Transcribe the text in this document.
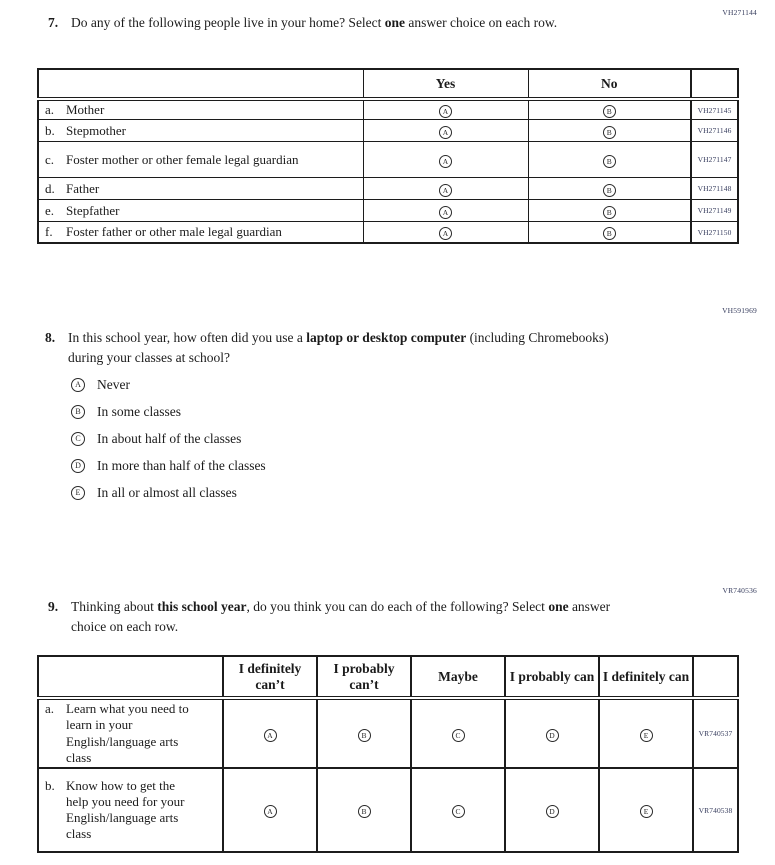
VH271144
7. Do any of the following people live in your home? Select one answer choice on each row.
	Yes	No	

a. Mother	A	B	VH271145

b. Stepmother	A	B	VH271146

c. Foster mother or other female legal guardian	A	B	VH271147

d. Father	A	B	VH271148

e. Stepfather	A	B	VH271149

f. Foster father or other male legal guardian	A	B	VH271150
VH591969
8. In this school year, how often did you use a laptop or desktop computer (including Chromebooks) during your classes at school?
A Never
B In some classes
C In about half of the classes
D In more than half of the classes
E In all or almost all classes
VR740536
9. Thinking about this school year, do you think you can do each of the following? Select one answer choice on each row.
	I definitely can’t	I probably can’t	Maybe	I probably can	I definitely can	

a. Learn what you need to learn in your English/language arts class	A	B	C	D	E	VR740537

b. Know how to get the help you need for your English/language arts class	A	B	C	D	E	VR740538
